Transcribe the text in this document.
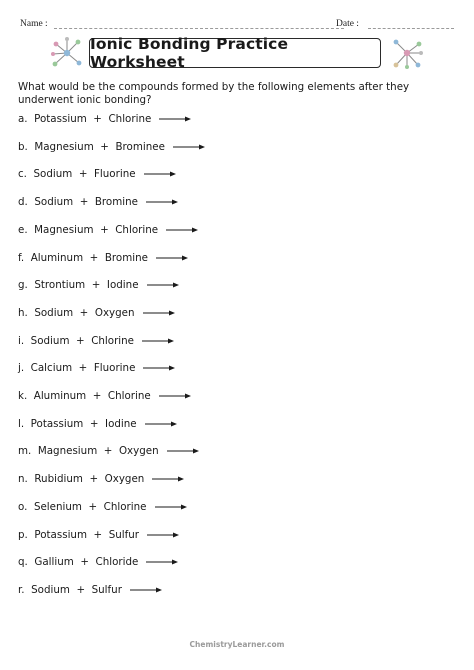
Name :	Date :
Ionic Bonding Practice Worksheet
What would be the compounds formed by the following elements after they underwent ionic bonding?
a.  Potassium  +  Chlorine
b.  Magnesium  +  Brominee
c.  Sodium  +  Fluorine
d.  Sodium  +  Bromine
e.  Magnesium  +  Chlorine
f.  Aluminum  +  Bromine
g.  Strontium  +  Iodine
h.  Sodium  +  Oxygen
i.  Sodium  +  Chlorine
j.  Calcium  +  Fluorine
k.  Aluminum  +  Chlorine
l.  Potassium  +  Iodine
m.  Magnesium  +  Oxygen
n.  Rubidium  +  Oxygen
o.  Selenium  +  Chlorine
p.  Potassium  +  Sulfur
q.  Gallium  +  Chloride
r.  Sodium  +  Sulfur
ChemistryLearner.com
